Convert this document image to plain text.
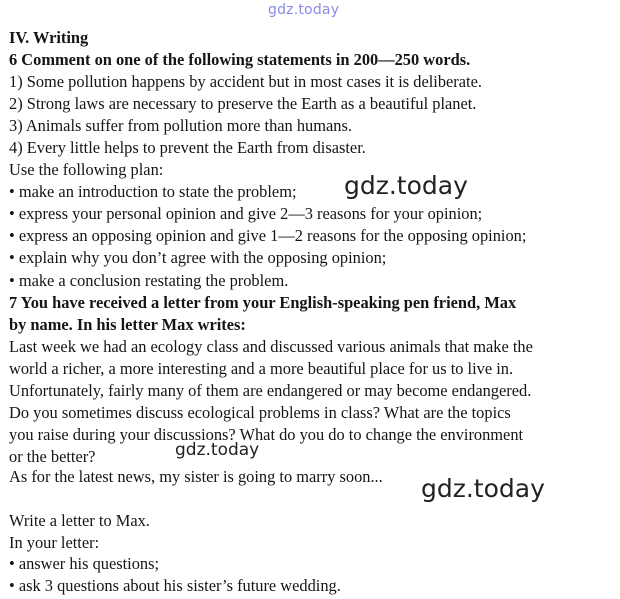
gdz.today
IV. Writing
6 Comment on one of the following statements in 200—250 words.
1) Some pollution happens by accident but in most cases it is deliberate.
2) Strong laws are necessary to preserve the Earth as a beautiful planet.
3) Animals suffer from pollution more than humans.
4) Every little helps to prevent the Earth from disaster.
Use the following plan:
• make an introduction to state the problem;
• express your personal opinion and give 2—3 reasons for your opinion;
• express an opposing opinion and give 1—2 reasons for the opposing opinion;
• explain why you don’t agree with the opposing opinion;
• make a conclusion restating the problem.
7 You have received a letter from your English-speaking pen friend, Max
by name. In his letter Max writes:
Last week we had an ecology class and discussed various animals that make the
world a richer, a more interesting and a more beautiful place for us to live in.
Unfortunately, fairly many of them are endangered or may become endangered.
Do you sometimes discuss ecological problems in class? What are the topics
you raise during your discussions? What do you do to change the environment
or the better?
As for the latest news, my sister is going to marry soon...
Write a letter to Max.
In your letter:
• answer his questions;
• ask 3 questions about his sister’s future wedding.
gdz.today
gdz.today
gdz.today
